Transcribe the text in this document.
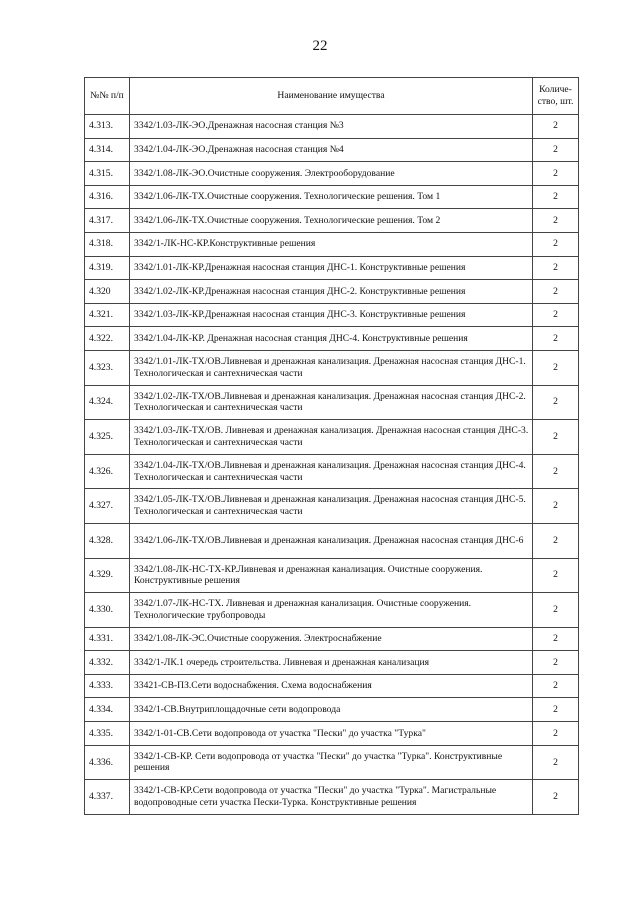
22
№№ п/п	Наименование имущества	Количе- ство, шт.
4.313.	3342/1.03-ЛК-ЭО.Дренажная насосная станция №3	2
4.314.	3342/1.04-ЛК-ЭО.Дренажная насосная станция №4	2
4.315.	3342/1.08-ЛК-ЭО.Очистные сооружения. Электрооборудование	2
4.316.	3342/1.06-ЛК-ТХ.Очистные сооружения. Технологические решения. Том 1	2
4.317.	3342/1.06-ЛК-ТХ.Очистные сооружения. Технологические решения. Том 2	2
4.318.	3342/1-ЛК-НС-КР.Конструктивные решения	2
4.319.	3342/1.01-ЛК-КР.Дренажная насосная станция ДНС-1. Конструктивные решения	2
4.320	3342/1.02-ЛК-КР.Дренажная насосная станция ДНС-2. Конструктивные решения	2
4.321.	3342/1.03-ЛК-КР.Дренажная насосная станция ДНС-3. Конструктивные решения	2
4.322.	3342/1.04-ЛК-КР. Дренажная насосная станция ДНС-4. Конструктивные решения	2
4.323.	3342/1.01-ЛК-ТХ/ОВ.Ливневая и дренажная канализация. Дренажная насосная станция ДНС-1. Технологическая и сантехническая части	2
4.324.	3342/1.02-ЛК-ТХ/ОВ.Ливневая и дренажная канализация. Дренажная насосная станция ДНС-2. Технологическая и сантехническая части	2
4.325.	3342/1.03-ЛК-ТХ/ОВ. Ливневая и дренажная канализация. Дренажная насосная станция ДНС-3. Технологическая и сантехническая части	2
4.326.	3342/1.04-ЛК-ТХ/ОВ.Ливневая и дренажная канализация. Дренажная насосная станция ДНС-4. Технологическая и сантехническая части	2
4.327.	3342/1.05-ЛК-ТХ/ОВ.Ливневая и дренажная канализация. Дренажная насосная станция ДНС-5. Технологическая и сантехническая части	2
4.328.	3342/1.06-ЛК-ТХ/ОВ.Ливневая и дренажная канализация. Дренажная насосная станция ДНС-6	2
4.329.	3342/1.08-ЛК-НС-ТХ-КР.Ливневая и дренажная канализация. Очистные сооружения. Конструктивные решения	2
4.330.	3342/1.07-ЛК-НС-ТХ. Ливневая и дренажная канализация. Очистные сооружения. Технологические трубопроводы	2
4.331.	3342/1.08-ЛК-ЭС.Очистные сооружения. Электроснабжение	2
4.332.	3342/1-ЛК.1 очередь строительства. Ливневая и дренажная канализация	2
4.333.	33421-СВ-ПЗ.Сети водоснабжения. Схема водоснабжения	2
4.334.	3342/1-СВ.Внутриплощадочные сети водопровода	2
4.335.	3342/1-01-СВ.Сети водопровода от участка "Пески" до участка "Турка"	2
4.336.	3342/1-СВ-КР. Сети водопровода от участка "Пески" до участка "Турка". Конструктивные решения	2
4.337.	3342/1-СВ-КР.Сети водопровода от участка "Пески" до участка "Турка". Магистральные водопроводные сети участка Пески-Турка. Конструктивные решения	2
